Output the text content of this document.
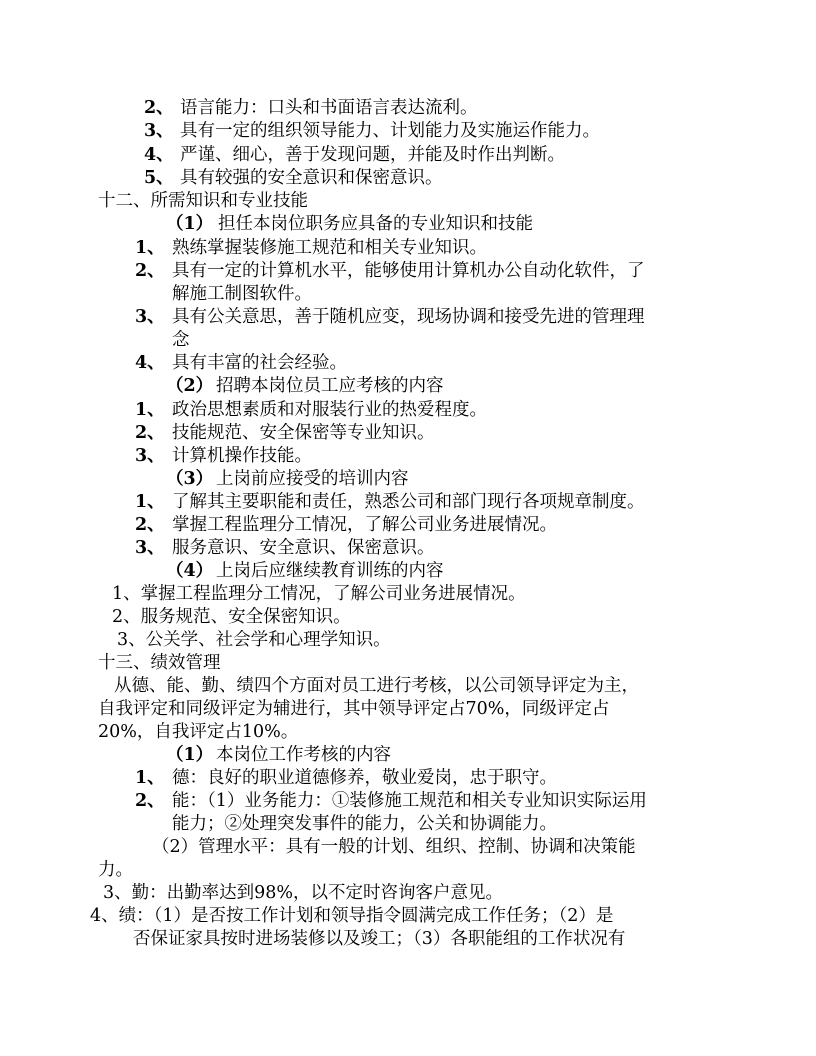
2、 语言能力：口头和书面语言表达流利。
3、 具有一定的组织领导能力、计划能力及实施运作能力。
4、 严谨、细心，善于发现问题，并能及时作出判断。
5、 具有较强的安全意识和保密意识。
十二、所需知识和专业技能
（1） 担任本岗位职务应具备的专业知识和技能
1、 熟练掌握装修施工规范和相关专业知识。
2、 具有一定的计算机水平，能够使用计算机办公自动化软件，了
解施工制图软件。
3、 具有公关意思，善于随机应变，现场协调和接受先进的管理理
念
4、 具有丰富的社会经验。
（2） 招聘本岗位员工应考核的内容
1、 政治思想素质和对服装行业的热爱程度。
2、 技能规范、安全保密等专业知识。
3、 计算机操作技能。
（3） 上岗前应接受的培训内容
1、 了解其主要职能和责任，熟悉公司和部门现行各项规章制度。
2、 掌握工程监理分工情况，了解公司业务进展情况。
3、 服务意识、安全意识、保密意识。
（4） 上岗后应继续教育训练的内容
1、掌握工程监理分工情况，了解公司业务进展情况。
2、服务规范、安全保密知识。
3、公关学、社会学和心理学知识。
十三、绩效管理
从德、能、勤、绩四个方面对员工进行考核，以公司领导评定为主，
自我评定和同级评定为辅进行，其中领导评定占70%，同级评定占
20%，自我评定占10%。
（1） 本岗位工作考核的内容
1、 德：良好的职业道德修养，敬业爱岗，忠于职守。
2、 能：（1）业务能力：①装修施工规范和相关专业知识实际运用
能力；②处理突发事件的能力，公关和协调能力。
（2）管理水平：具有一般的计划、组织、控制、协调和决策能
力。
3、勤：出勤率达到98%，以不定时咨询客户意见。
4、绩：（1）是否按工作计划和领导指令圆满完成工作任务；（2）是
否保证家具按时进场装修以及竣工；（3）各职能组的工作状况有
